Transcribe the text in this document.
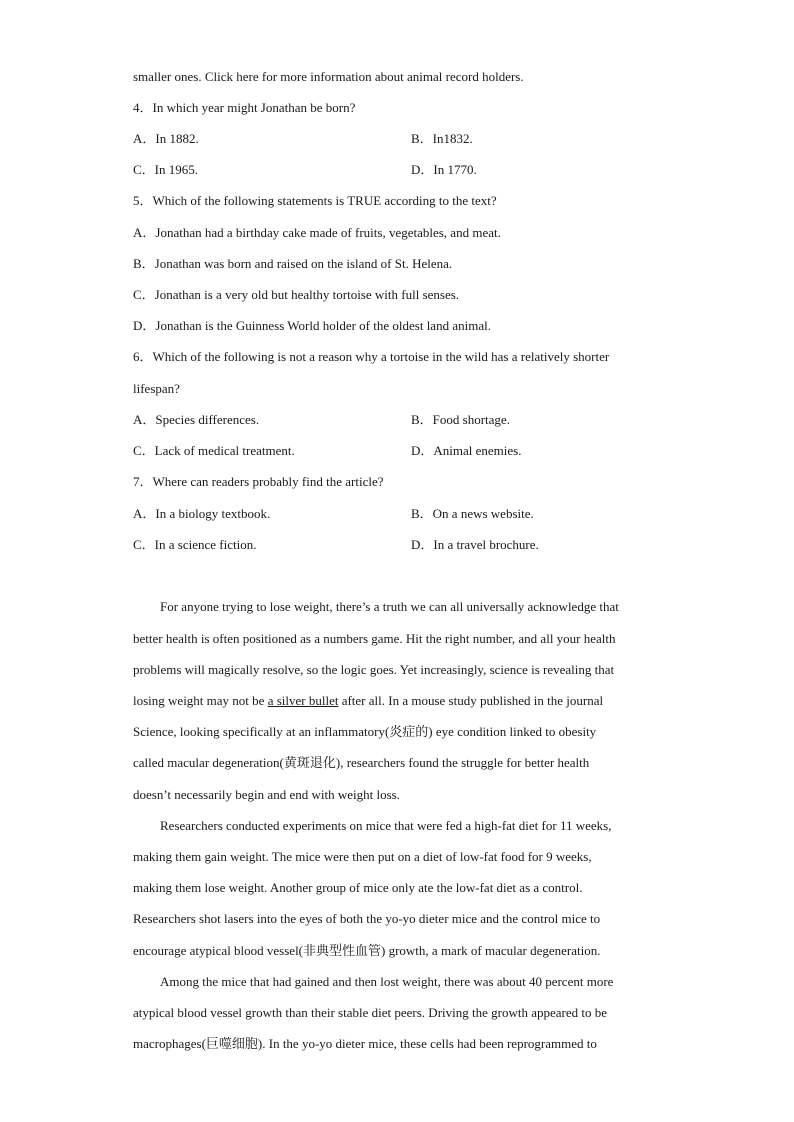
smaller ones. Click here for more information about animal record holders.
4．In which year might Jonathan be born?
A．In 1882.	B．In1832.
C．In 1965.	D．In 1770.
5．Which of the following statements is TRUE according to the text?
A．Jonathan had a birthday cake made of fruits, vegetables, and meat.
B．Jonathan was born and raised on the island of St. Helena.
C．Jonathan is a very old but healthy tortoise with full senses.
D．Jonathan is the Guinness World holder of the oldest land animal.
6．Which of the following is not a reason why a tortoise in the wild has a relatively shorter
lifespan?
A．Species differences.	B．Food shortage.
C．Lack of medical treatment.	D．Animal enemies.
7．Where can readers probably find the article?
A．In a biology textbook.	B．On a news website.
C．In a science fiction.	D．In a travel brochure.
For anyone trying to lose weight, there’s a truth we can all universally acknowledge that
better health is often positioned as a numbers game. Hit the right number, and all your health
problems will magically resolve, so the logic goes. Yet increasingly, science is revealing that
losing weight may not be a silver bullet after all. In a mouse study published in the journal
Science, looking specifically at an inflammatory(炎症的) eye condition linked to obesity
called macular degeneration(黄斑退化), researchers found the struggle for better health
doesn’t necessarily begin and end with weight loss.
Researchers conducted experiments on mice that were fed a high-fat diet for 11 weeks,
making them gain weight. The mice were then put on a diet of low-fat food for 9 weeks,
making them lose weight. Another group of mice only ate the low-fat diet as a control.
Researchers shot lasers into the eyes of both the yo-yo dieter mice and the control mice to
encourage atypical blood vessel(非典型性血管) growth, a mark of macular degeneration.
Among the mice that had gained and then lost weight, there was about 40 percent more
atypical blood vessel growth than their stable diet peers. Driving the growth appeared to be
macrophages(巨噬细胞). In the yo-yo dieter mice, these cells had been reprogrammed to
